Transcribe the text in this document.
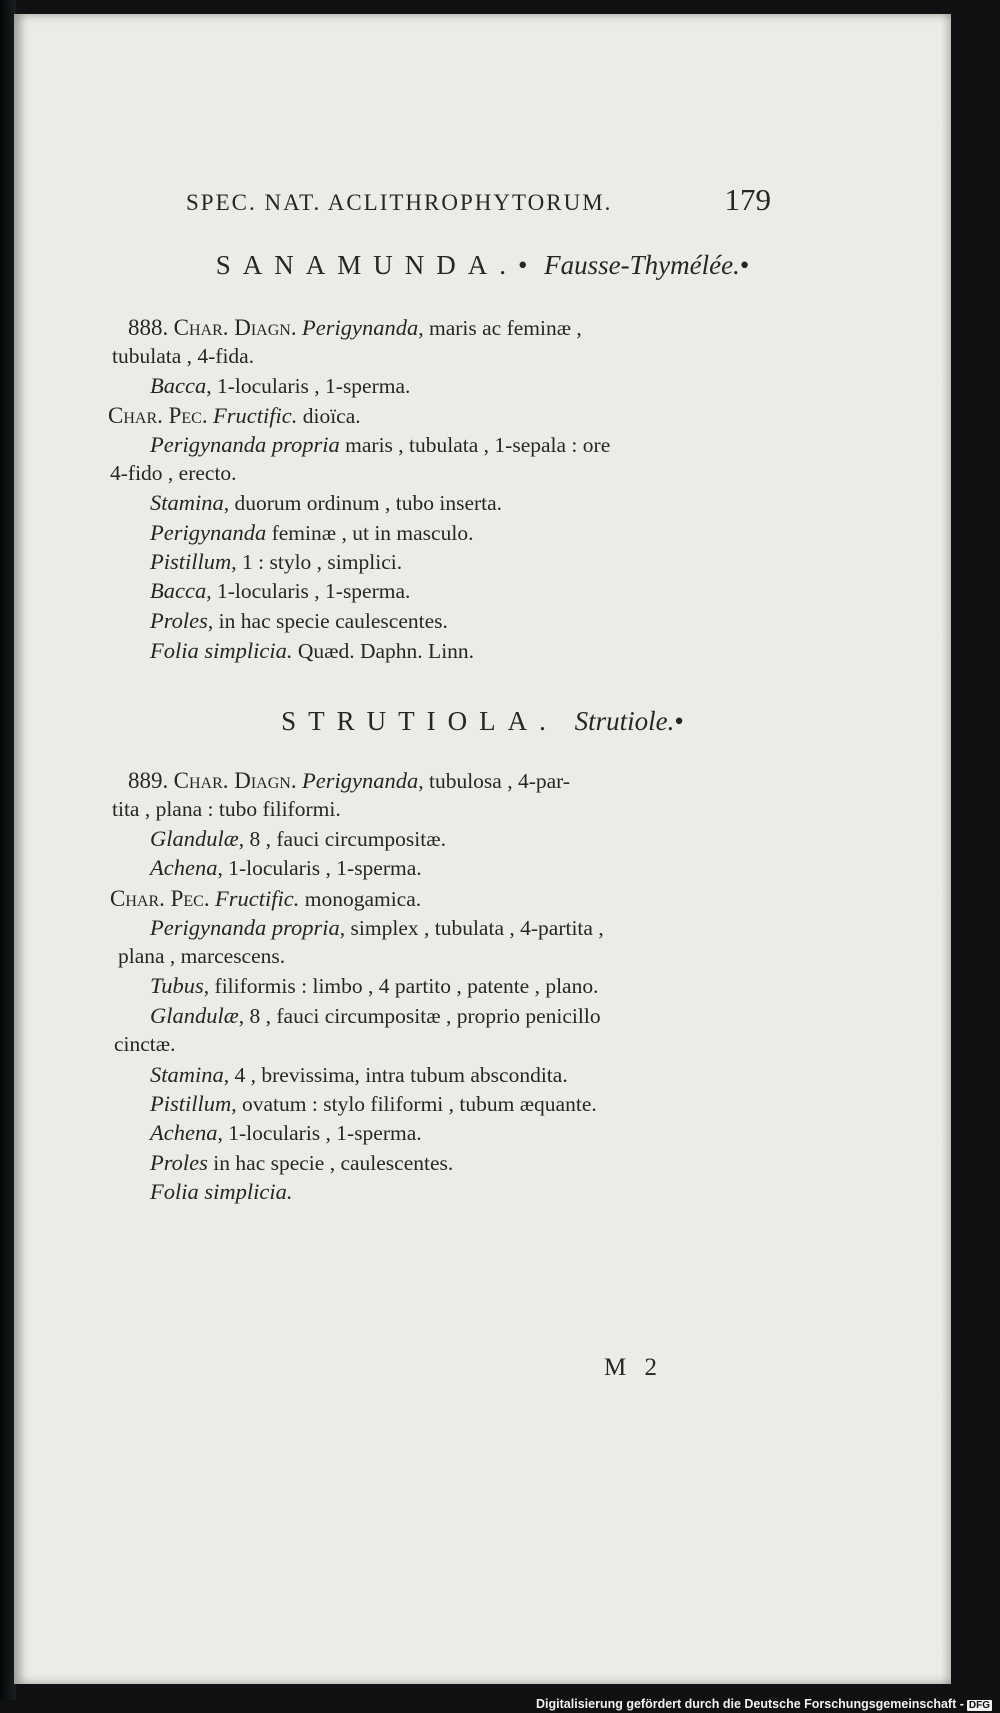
SPEC. NAT. ACLITHROPHYTORUM.	179
SANAMUNDA.• Fausse-Thymélée.•
888. Char. Diagn. Perigynanda, maris ac feminæ ,
tubulata , 4-fida.
Bacca, 1-locularis , 1-sperma.
Char. Pec. Fructific. dioïca.
Perigynanda propria maris , tubulata , 1-sepala : ore
4-fido , erecto.
Stamina, duorum ordinum , tubo inserta.
Perigynanda feminæ , ut in masculo.
Pistillum, 1 : stylo , simplici.
Bacca, 1-locularis , 1-sperma.
Proles, in hac specie caulescentes.
Folia simplicia. Quæd. Daphn. Linn.
STRUTIOLA. Strutiole.•
889. Char. Diagn. Perigynanda, tubulosa , 4-par-
tita , plana : tubo filiformi.
Glandulæ, 8 , fauci circumpositæ.
Achena, 1-locularis , 1-sperma.
Char. Pec. Fructific. monogamica.
Perigynanda propria, simplex , tubulata , 4-partita ,
plana , marcescens.
Tubus, filiformis : limbo , 4 partito , patente , plano.
Glandulæ, 8 , fauci circumpositæ , proprio penicillo
cinctæ.
Stamina, 4 , brevissima, intra tubum abscondita.
Pistillum, ovatum : stylo filiformi , tubum æquante.
Achena, 1-locularis , 1-sperma.
Proles in hac specie , caulescentes.
Folia simplicia.
M 2
Digitalisierung gefördert durch die Deutsche Forschungsgemeinschaft - DFG
